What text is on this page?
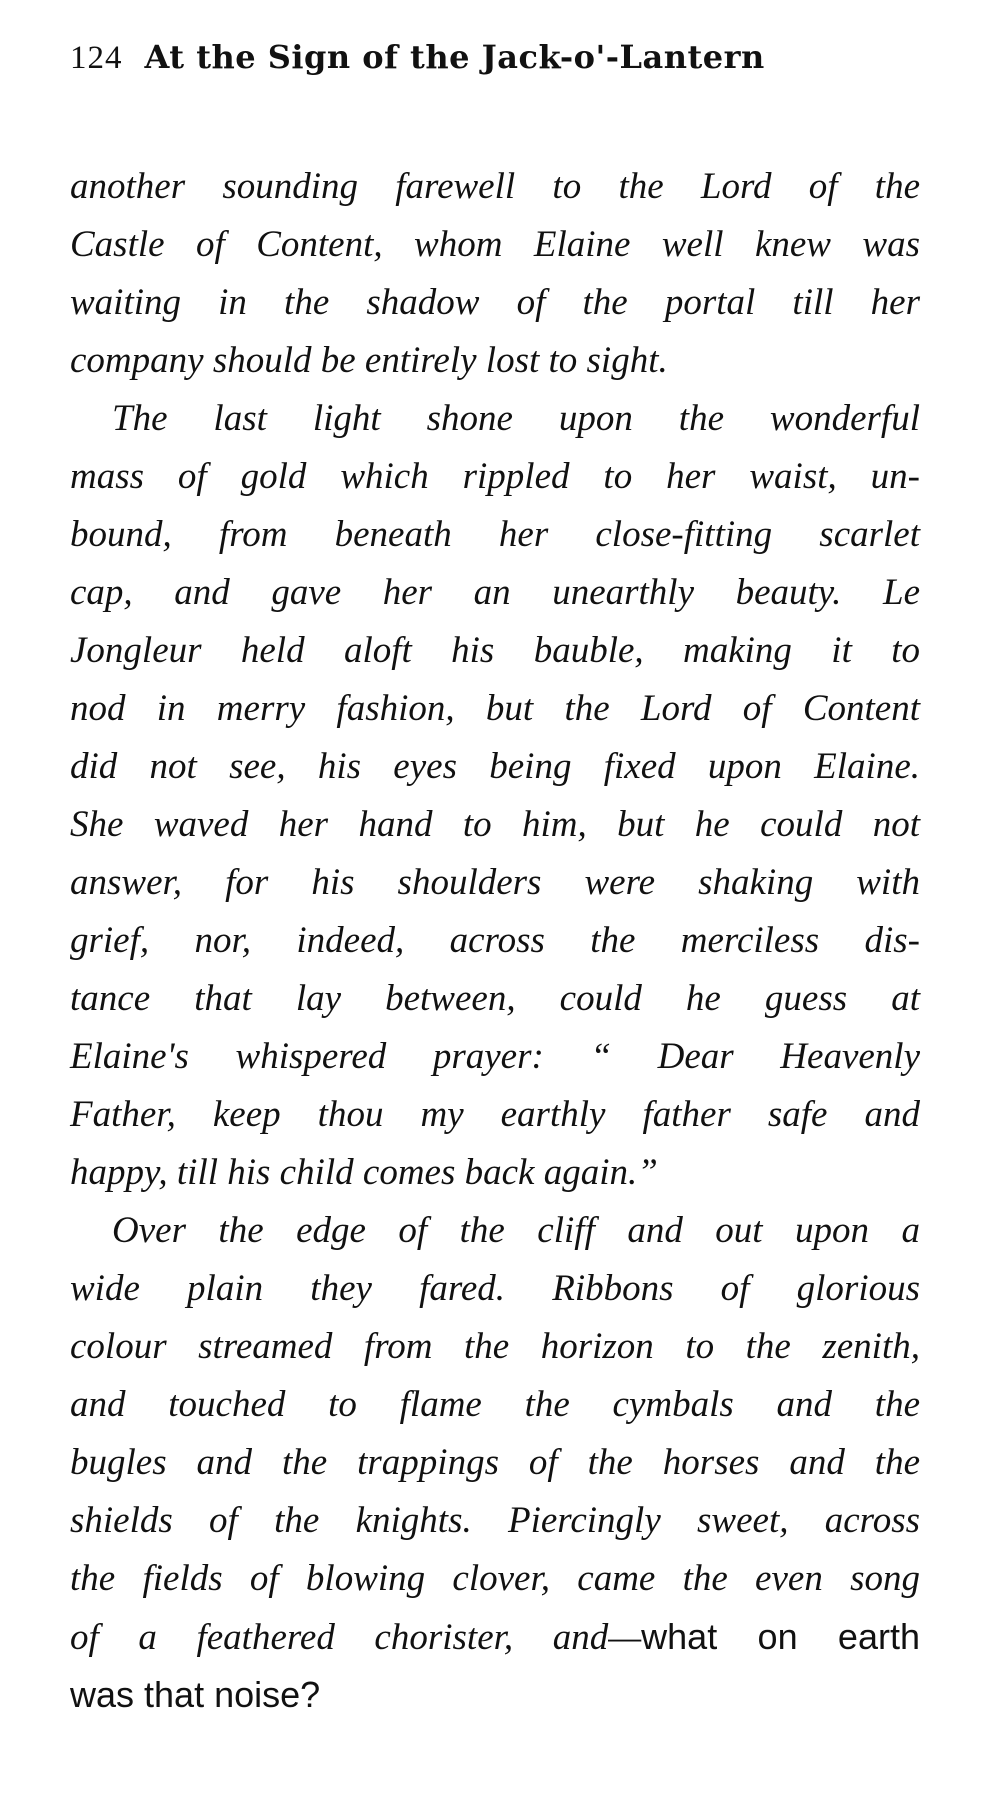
124 At the Sign of the Jack-o'-Lantern
another sounding farewell to the Lord of the
Castle of Content, whom Elaine well knew was
waiting in the shadow of the portal till her
company should be entirely lost to sight.
The last light shone upon the wonderful
mass of gold which rippled to her waist, un-
bound, from beneath her close-fitting scarlet
cap, and gave her an unearthly beauty. Le
Jongleur held aloft his bauble, making it to
nod in merry fashion, but the Lord of Content
did not see, his eyes being fixed upon Elaine.
She waved her hand to him, but he could not
answer, for his shoulders were shaking with
grief, nor, indeed, across the merciless dis-
tance that lay between, could he guess at
Elaine's whispered prayer: “ Dear Heavenly
Father, keep thou my earthly father safe and
happy, till his child comes back again.”
Over the edge of the cliff and out upon a
wide plain they fared. Ribbons of glorious
colour streamed from the horizon to the zenith,
and touched to flame the cymbals and the
bugles and the trappings of the horses and the
shields of the knights. Piercingly sweet, across
the fields of blowing clover, came the even song
of a feathered chorister, and—what on earth
was that noise?
